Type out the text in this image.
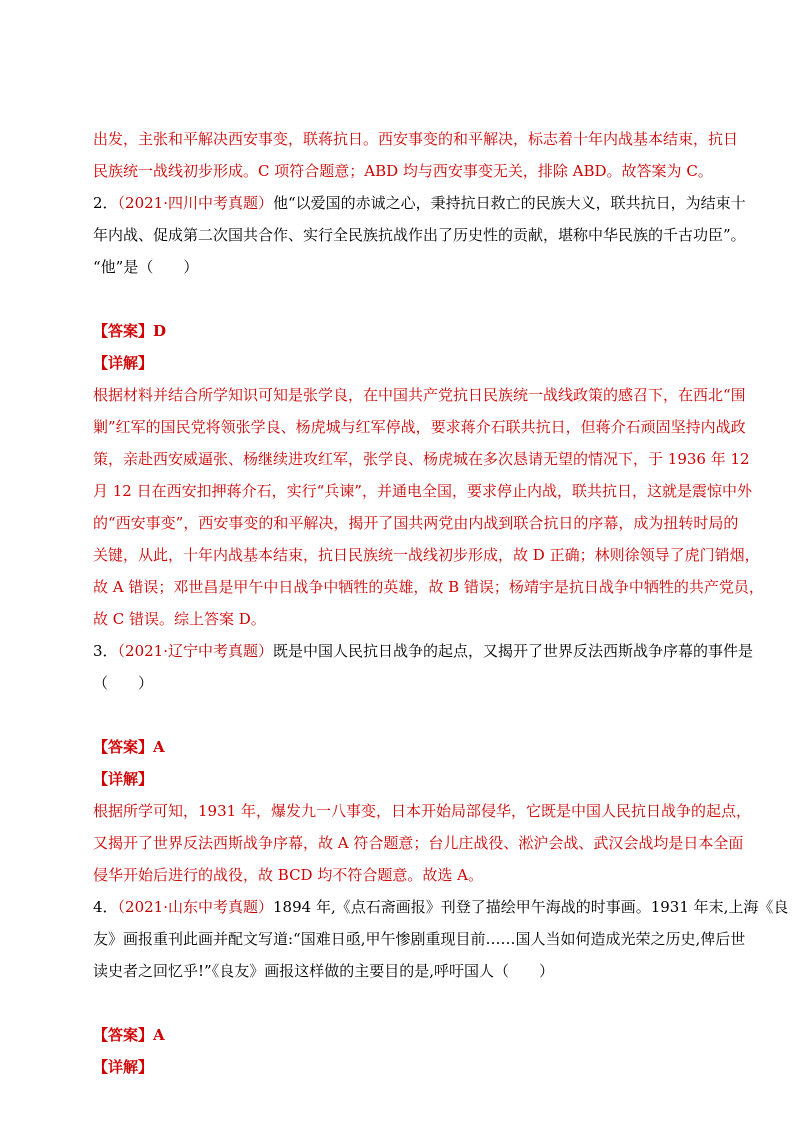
出发，主张和平解决西安事变，联蒋抗日。西安事变的和平解决，标志着十年内战基本结束，抗日
民族统一战线初步形成。C 项符合题意；ABD 均与西安事变无关，排除 ABD。故答案为 C。
2．（2021·四川中考真题）他“以爱国的赤诚之心，秉持抗日救亡的民族大义，联共抗日，为结束十
年内战、促成第二次国共合作、实行全民族抗战作出了历史性的贡献，堪称中华民族的千古功臣”。
“他”是（　　）
【答案】D
【详解】
根据材料并结合所学知识可知是张学良，在中国共产党抗日民族统一战线政策的感召下，在西北“围
剿”红军的国民党将领张学良、杨虎城与红军停战，要求蒋介石联共抗日，但蒋介石顽固坚持内战政
策，亲赴西安威逼张、杨继续进攻红军，张学良、杨虎城在多次恳请无望的情况下，于 1936 年 12
月 12 日在西安扣押蒋介石，实行“兵谏”，并通电全国，要求停止内战，联共抗日，这就是震惊中外
的“西安事变”，西安事变的和平解决，揭开了国共两党由内战到联合抗日的序幕，成为扭转时局的
关键，从此，十年内战基本结束，抗日民族统一战线初步形成，故 D 正确；林则徐领导了虎门销烟，
故 A 错误；邓世昌是甲午中日战争中牺牲的英雄，故 B 错误；杨靖宇是抗日战争中牺牲的共产党员，
故 C 错误。综上答案 D。
3．（2021·辽宁中考真题）既是中国人民抗日战争的起点，又揭开了世界反法西斯战争序幕的事件是
（　　）
【答案】A
【详解】
根据所学可知，1931 年，爆发九一八事变，日本开始局部侵华，它既是中国人民抗日战争的起点，
又揭开了世界反法西斯战争序幕，故 A 符合题意；台儿庄战役、淞沪会战、武汉会战均是日本全面
侵华开始后进行的战役，故 BCD 均不符合题意。故选 A。
4．（2021·山东中考真题）1894 年,《点石斋画报》刊登了描绘甲午海战的时事画。1931 年末,上海《良
友》画报重刊此画并配文写道:“国难日亟,甲午惨剧重现目前……国人当如何造成光荣之历史,俾后世
读史者之回忆乎!”《良友》画报这样做的主要目的是,呼吁国人（　　）
【答案】A
【详解】
